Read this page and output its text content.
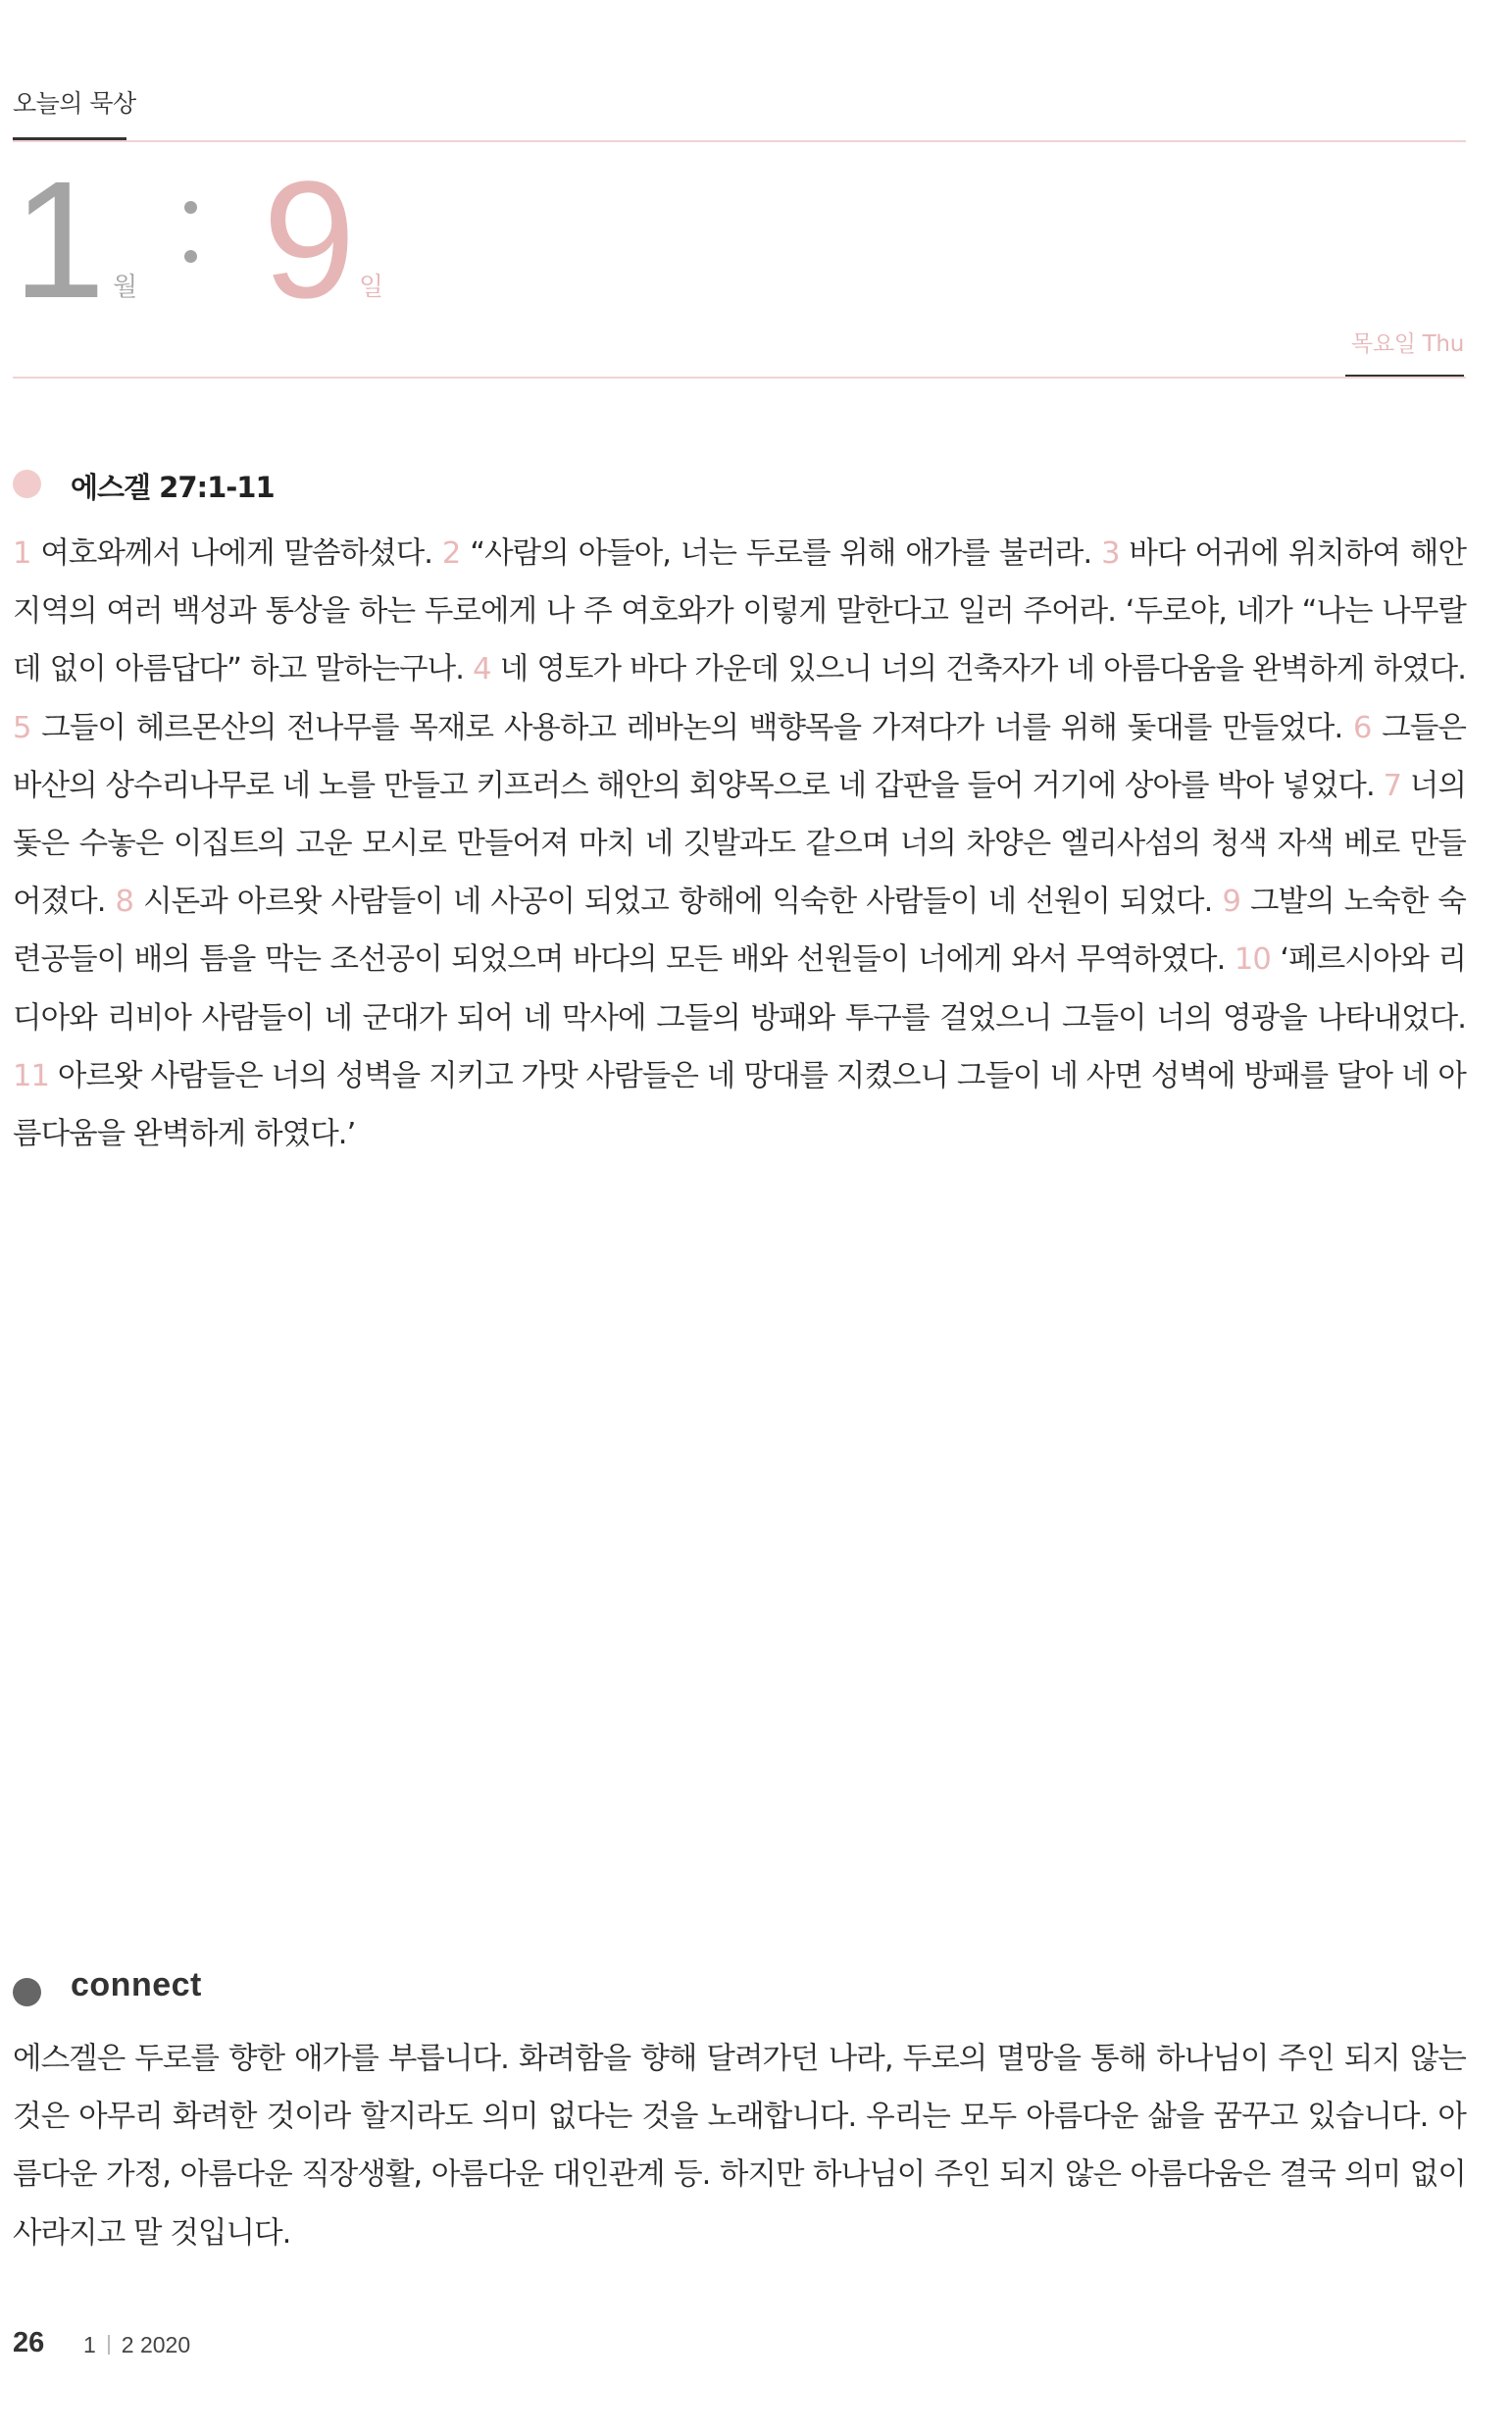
오늘의 묵상
1 월 9 일
목요일 Thu
에스겔 27:1-11

1 여호와께서 나에게 말씀하셨다. 2 “사람의 아들아, 너는 두로를 위해 애가를 불러라. 3 바다 어귀에 위치하여 해안 지역의 여러 백성과 통상을 하는 두로에게 나 주 여호와가 이렇게 말한다고 일러 주어라. ‘두로야, 네가 “나는 나무랄 데 없이 아름답다” 하고 말하는구나. 4 네 영토가 바다 가운데 있으니 너의 건축자가 네 아름다움을 완벽하게 하였다. 5 그들이 헤르몬산의 전나무를 목재로 사용하고 레바논의 백향목을 가져다가 너를 위해 돛대를 만들었다. 6 그들은 바산의 상수리나무로 네 노를 만들고 키프러스 해안의 회양목으로 네 갑판을 들어 거기에 상아를 박아 넣었다. 7 너의 돛은 수놓은 이집트의 고운 모시로 만들어져 마치 네 깃발과도 같으며 너의 차양은 엘리사섬의 청색 자색 베로 만들어졌다. 8 시돈과 아르왓 사람들이 네 사공이 되었고 항해에 익숙한 사람들이 네 선원이 되었다. 9 그발의 노숙한 숙련공들이 배의 틈을 막는 조선공이 되었으며 바다의 모든 배와 선원들이 너에게 와서 무역하였다. 10 ‘페르시아와 리디아와 리비아 사람들이 네 군대가 되어 네 막사에 그들의 방패와 투구를 걸었으니 그들이 너의 영광을 나타내었다. 11 아르왓 사람들은 너의 성벽을 지키고 가맛 사람들은 네 망대를 지켰으니 그들이 네 사면 성벽에 방패를 달아 네 아름다움을 완벽하게 하였다.’

connect

에스겔은 두로를 향한 애가를 부릅니다. 화려함을 향해 달려가던 나라, 두로의 멸망을 통해 하나님이 주인 되지 않는 것은 아무리 화려한 것이라 할지라도 의미 없다는 것을 노래합니다. 우리는 모두 아름다운 삶을 꿈꾸고 있습니다. 아름다운 가정, 아름다운 직장생활, 아름다운 대인관계 등. 하지만 하나님이 주인 되지 않은 아름다움은 결국 의미 없이 사라지고 말 것입니다.

26 1 2 2020
